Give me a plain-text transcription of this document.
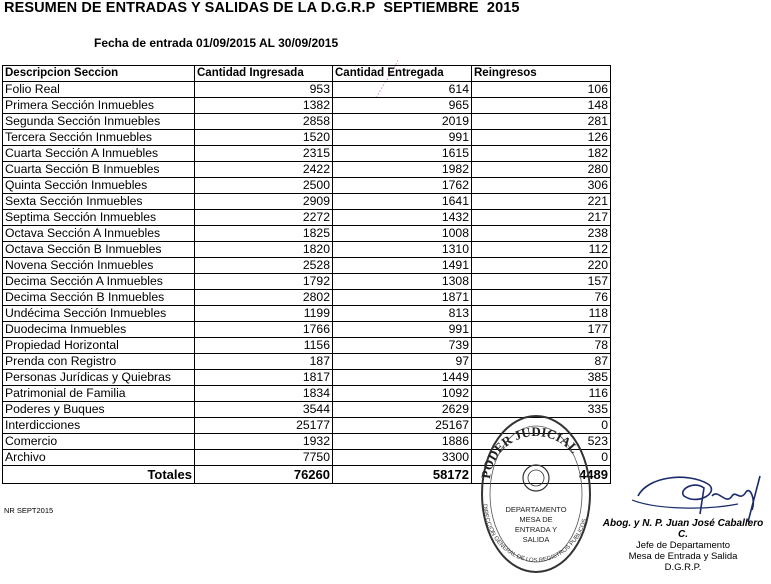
RESUMEN DE ENTRADAS Y SALIDAS DE LA D.G.R.P  SEPTIEMBRE  2015
Fecha de entrada 01/09/2015 AL 30/09/2015
Descripcion Seccion	Cantidad Ingresada	Cantidad Entregada	Reingresos
Folio Real	953	614	106
Primera Sección Inmuebles	1382	965	148
Segunda Sección Inmuebles	2858	2019	281
Tercera Sección Inmuebles	1520	991	126
Cuarta Sección A Inmuebles	2315	1615	182
Cuarta Sección B Inmuebles	2422	1982	280
Quinta Sección Inmuebles	2500	1762	306
Sexta Sección Inmuebles	2909	1641	221
Septima Sección Inmuebles	2272	1432	217
Octava Sección A Inmuebles	1825	1008	238
Octava Sección B Inmuebles	1820	1310	112
Novena Sección Inmuebles	2528	1491	220
Decima Sección A Inmuebles	1792	1308	157
Decima Sección B Inmuebles	2802	1871	76
Undécima Sección Inmuebles	1199	813	118
Duodecima Inmuebles	1766	991	177
Propiedad Horizontal	1156	739	78
Prenda con Registro	187	97	87
Personas Jurídicas y Quiebras	1817	1449	385
Patrimonial de Familia	1834	1092	116
Poderes y Buques	3544	2629	335
Interdicciones	25177	25167	0
Comercio	1932	1886	523
Archivo	7750	3300	0
Totales	76260	58172	4489
NR SEPT2015
PODER JUDICIAL
DEPARTAMENTO
MESA DE
ENTRADA Y
SALIDA
DIRECCION GENERAL DE LOS REGISTROS PUBLICOS	Abog. y N. P. Juan José Caballero C.
Jefe de Departamento
Mesa de Entrada y Salida
D.G.R.P.
